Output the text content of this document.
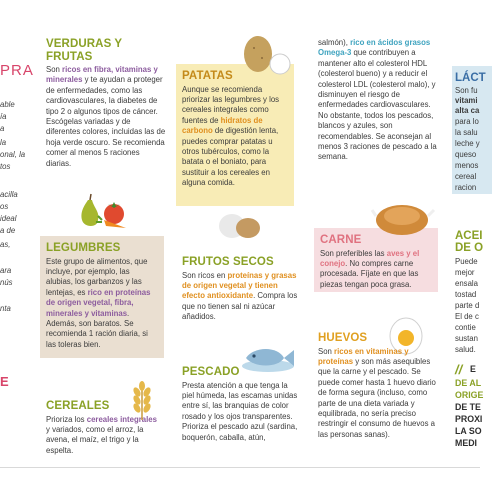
PRA
able
ía
a
la
onal, la
tos
acilla
os
ideal
a de
as,
ara
nús
nta
E
VERDURAS Y
FRUTAS

Son ricos en fibra, vitaminas y minerales y te ayudan a proteger de enfermedades, como las cardiovasculares, la diabetes de tipo 2 o algunos tipos de cáncer. Escógelas variadas y de diferentes colores, incluidas las de hoja verde oscuro. Se recomienda comer al menos 5 raciones diarias.

LEGUMBRES

Este grupo de alimentos, que incluye, por ejemplo, las alubias, los garbanzos y las lentejas, es rico en proteínas de origen vegetal, fibra, minerales y vitaminas. Además, son baratos. Se recomienda 1 ración diaria, si las toleras bien.

CEREALES

Prioriza los cereales integrales y variados, como el arroz, la avena, el maíz, el trigo y la espelta.

PATATAS

Aunque se recomienda priorizar las legumbres y los cereales integrales como fuentes de hidratos de carbono de digestión lenta, puedes comprar patatas u otros tubérculos, como la batata o el boniato, para sustituir a los cereales en alguna comida.

FRUTOS SECOS

Son ricos en proteínas y grasas de origen vegetal y tienen efecto antioxidante. Compra los que no tienen sal ni azúcar añadidos.

PESCADO

Presta atención a que tenga la piel húmeda, las escamas unidas entre sí, las branquias de color rosado y los ojos transparentes. Prioriza el pescado azul (sardina, boquerón, caballa, atún,

salmón), rico en ácidos grasos Omega-3 que contribuyen a mantener alto el colesterol HDL (colesterol bueno) y a reducir el colesterol LDL (colesterol malo), y disminuyen el riesgo de enfermedades cardiovasculares. No obstante, todos los pescados, blancos y azules, son recomendables. Se aconsejan al menos 3 raciones de pescado a la semana.

CARNE

Son preferibles las aves y el conejo. No compres carne procesada. Fíjate en que las piezas tengan poca grasa.

HUEVOS

Son ricos en vitaminas y proteínas y son más asequibles que la carne y el pescado. Se puede comer hasta 1 huevo diario de forma segura (incluso, como parte de una dieta variada y equilibrada, no sería preciso restringir el consumo de huevos a las personas sanas).

LÁCT
Son fu
vitami
alta ca
para lo
la salu
leche y
queso
menos
cereal
racion
ACEI
DE O
Puede
mejor
ensala
tostad
parte d
El de c
contie
sustan
salud.
// E
DE AL
ORIGE
DE TE
PROXI
LA SO
MEDI
